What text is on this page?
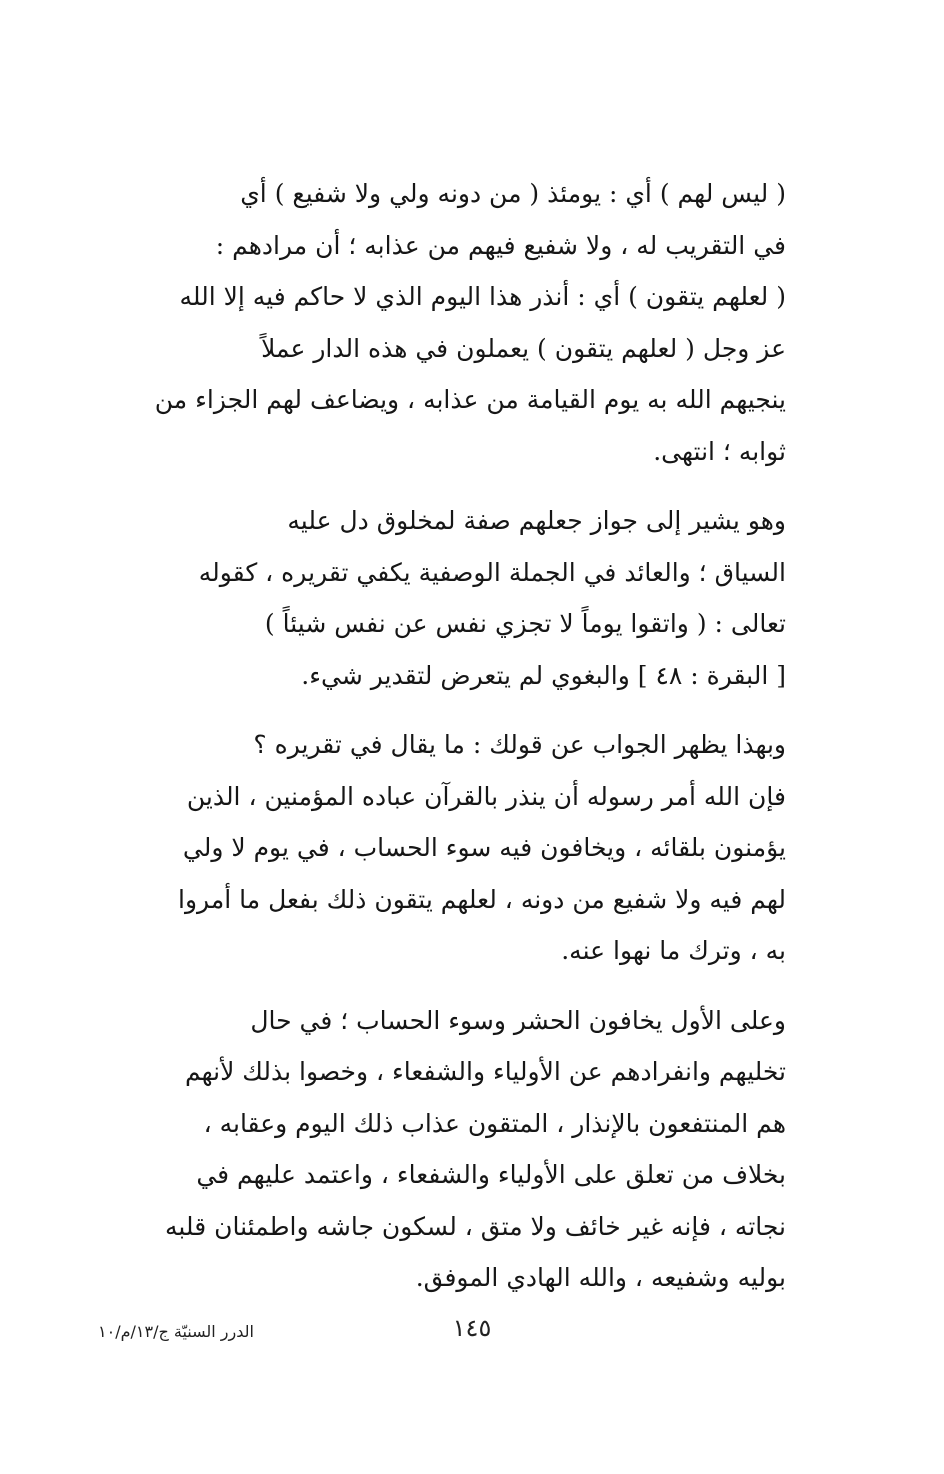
( ليس لهم ) أي : يومئذ ( من دونه ولي ولا شفيع ) أي
في التقريب له ، ولا شفيع فيهم من عذابه ؛ أن مرادهم :
( لعلهم يتقون ) أي : أنذر هذا اليوم الذي لا حاكم فيه إلا الله
عز وجل ( لعلهم يتقون ) يعملون في هذه الدار عملاً
ينجيهم الله به يوم القيامة من عذابه ، ويضاعف لهم الجزاء من
ثوابه ؛ انتهى.

وهو يشير إلى جواز جعلهم صفة لمخلوق دل عليه
السياق ؛ والعائد في الجملة الوصفية يكفي تقريره ، كقوله
تعالى : ( واتقوا يوماً لا تجزي نفس عن نفس شيئاً )
[ البقرة : ٤٨ ] والبغوي لم يتعرض لتقدير شيء.

وبهذا يظهر الجواب عن قولك : ما يقال في تقريره ؟
فإن الله أمر رسوله أن ينذر بالقرآن عباده المؤمنين ، الذين
يؤمنون بلقائه ، ويخافون فيه سوء الحساب ، في يوم لا ولي
لهم فيه ولا شفيع من دونه ، لعلهم يتقون ذلك بفعل ما أمروا
به ، وترك ما نهوا عنه.

وعلى الأول يخافون الحشر وسوء الحساب ؛ في حال
تخليهم وانفرادهم عن الأولياء والشفعاء ، وخصوا بذلك لأنهم
هم المنتفعون بالإنذار ، المتقون عذاب ذلك اليوم وعقابه ،
بخلاف من تعلق على الأولياء والشفعاء ، واعتمد عليهم في
نجاته ، فإنه غير خائف ولا متق ، لسكون جاشه واطمئنان قلبه
بوليه وشفيعه ، والله الهادي الموفق.

الدرر السنيّة ج/١٣/م/١٠	١٤٥
